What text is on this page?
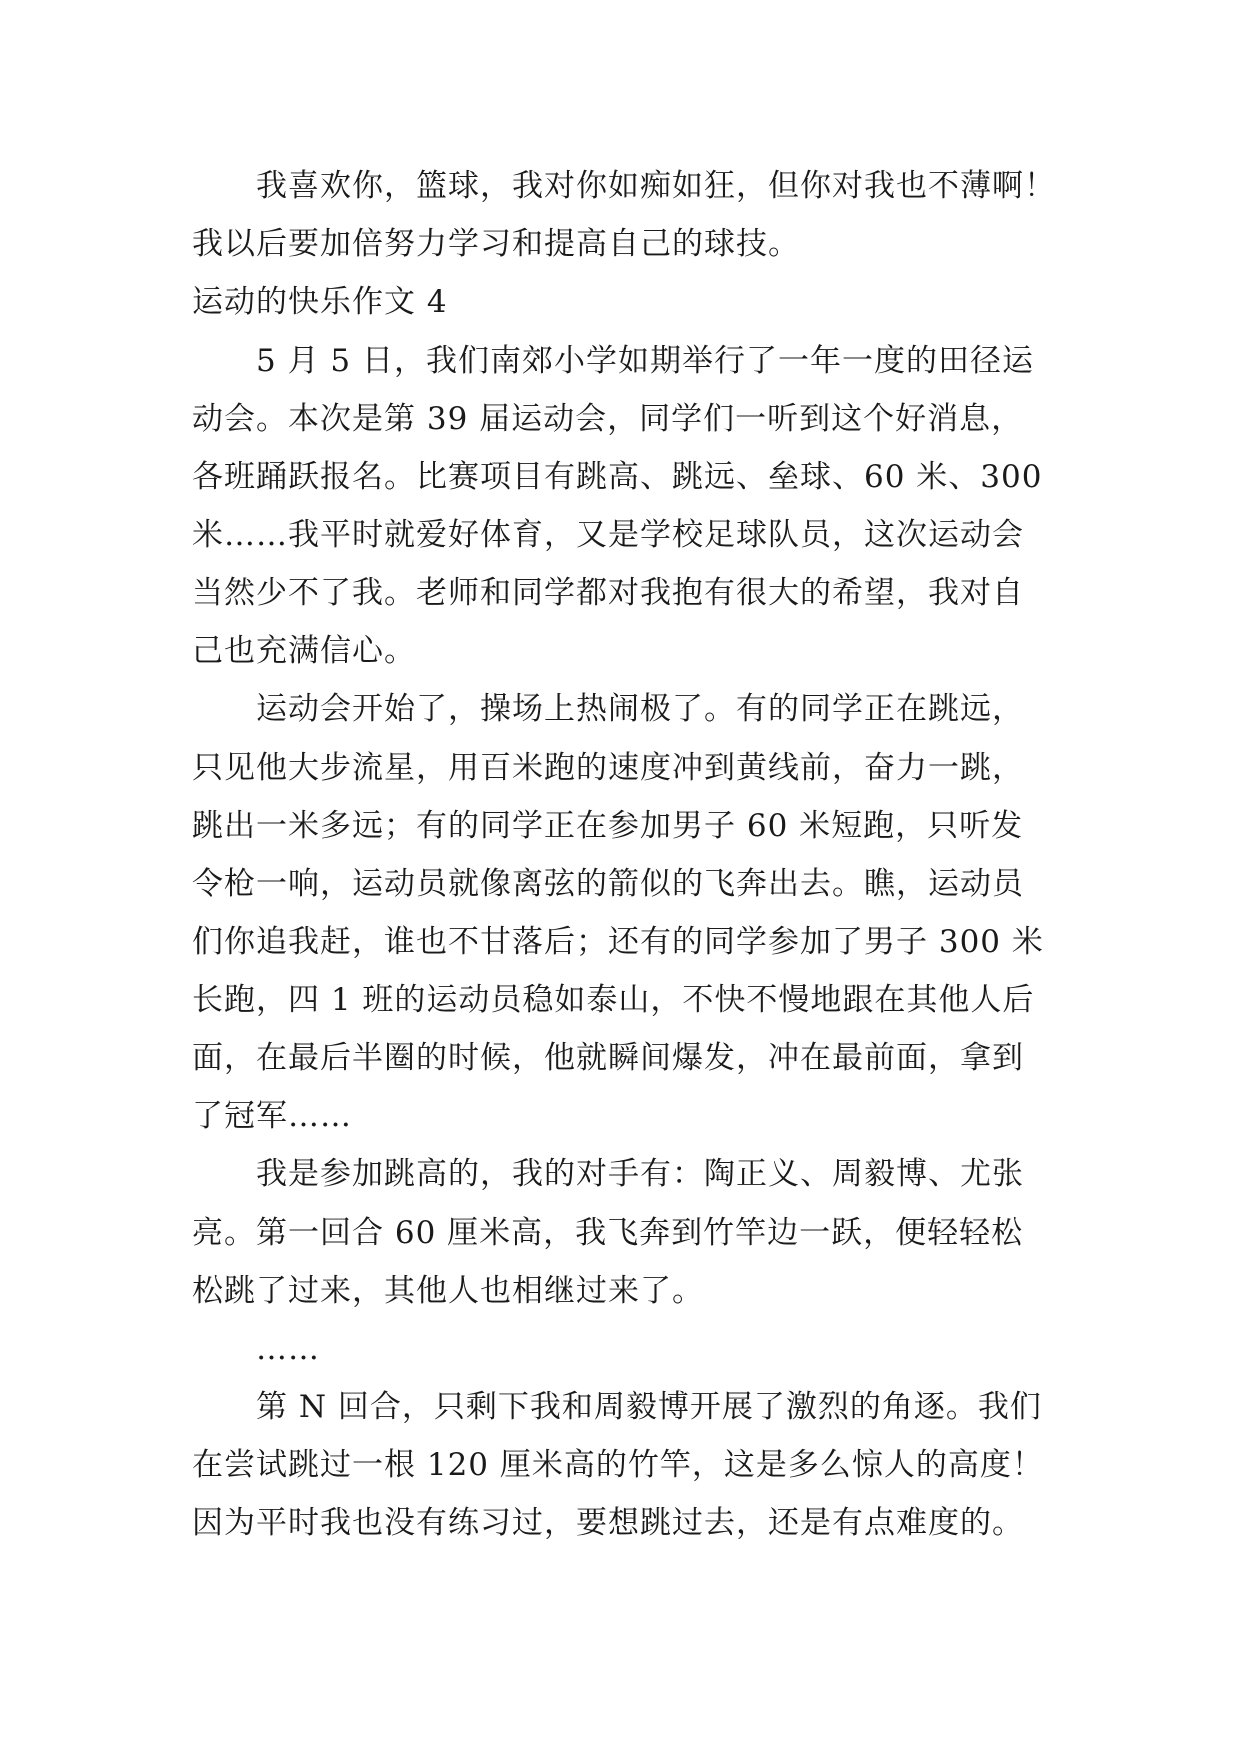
我喜欢你，篮球，我对你如痴如狂，但你对我也不薄啊！
我以后要加倍努力学习和提高自己的球技。
运动的快乐作文 4
5 月 5 日，我们南郊小学如期举行了一年一度的田径运
动会。本次是第 39 届运动会，同学们一听到这个好消息，
各班踊跃报名。比赛项目有跳高、跳远、垒球、60 米、300
米……我平时就爱好体育，又是学校足球队员，这次运动会
当然少不了我。老师和同学都对我抱有很大的希望，我对自
己也充满信心。
运动会开始了，操场上热闹极了。有的同学正在跳远，
只见他大步流星，用百米跑的速度冲到黄线前，奋力一跳，
跳出一米多远；有的同学正在参加男子 60 米短跑，只听发
令枪一响，运动员就像离弦的箭似的飞奔出去。瞧，运动员
们你追我赶，谁也不甘落后；还有的同学参加了男子 300 米
长跑，四 1 班的运动员稳如泰山，不快不慢地跟在其他人后
面，在最后半圈的时候，他就瞬间爆发，冲在最前面，拿到
了冠军……
我是参加跳高的，我的对手有：陶正义、周毅博、尤张
亮。第一回合 60 厘米高，我飞奔到竹竿边一跃，便轻轻松
松跳了过来，其他人也相继过来了。
……
第 N 回合，只剩下我和周毅博开展了激烈的角逐。我们
在尝试跳过一根 120 厘米高的竹竿，这是多么惊人的高度！
因为平时我也没有练习过，要想跳过去，还是有点难度的。
